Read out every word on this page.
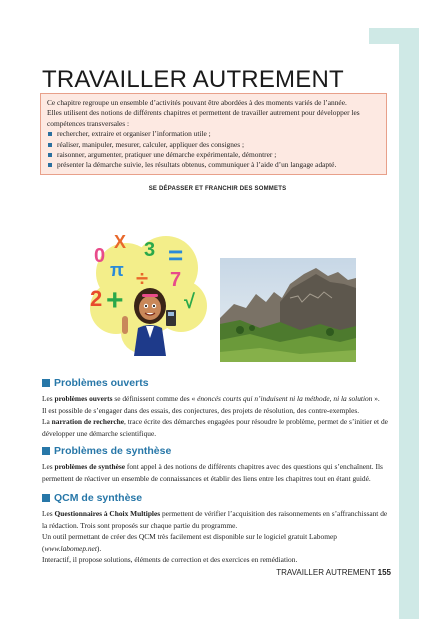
TRAVAILLER AUTREMENT

Ce chapitre regroupe un ensemble d’activités pouvant être abordées à des moments variés de l’année.

Elles utilisent des notions de différents chapitres et permettent de travailler autrement pour développer les compétences transversales :

rechercher, extraire et organiser l’information utile ;
réaliser, manipuler, mesurer, calculer, appliquer des consignes ;
raisonner, argumenter, pratiquer une démarche expérimentale, démontrer ;
présenter la démarche suivie, les résultats obtenus, communiquer à l’aide d’un langage adapté.
SE DÉPASSER ET FRANCHIR DES SOMMETS
0
X 3 =
π ÷ 7
2 +	√
Problèmes ouverts

Les problèmes ouverts se définissent comme des « énoncés courts qui n’induisent ni la méthode, ni la solution ».

Il est possible de s’engager dans des essais, des conjectures, des projets de résolution, des contre-exemples.

La narration de recherche, trace écrite des démarches engagées pour résoudre le problème, permet de s’initier et de développer une démarche scientifique.

Problèmes de synthèse

Les problèmes de synthèse font appel à des notions de différents chapitres avec des questions qui s’enchaînent. Ils permettent de réactiver un ensemble de connaissances et établir des liens entre les chapitres tout en étant guidé.

QCM de synthèse

Les Questionnaires à Choix Multiples permettent de vérifier l’acquisition des raisonnements en s’affranchissant de la rédaction. Trois sont proposés sur chaque partie du programme.

Un outil permettant de créer des QCM très facilement est disponible sur le logiciel gratuit Labomep (www.labomep.net).

Interactif, il propose solutions, éléments de correction et des exercices en remédiation.

TRAVAILLER AUTREMENT 155
